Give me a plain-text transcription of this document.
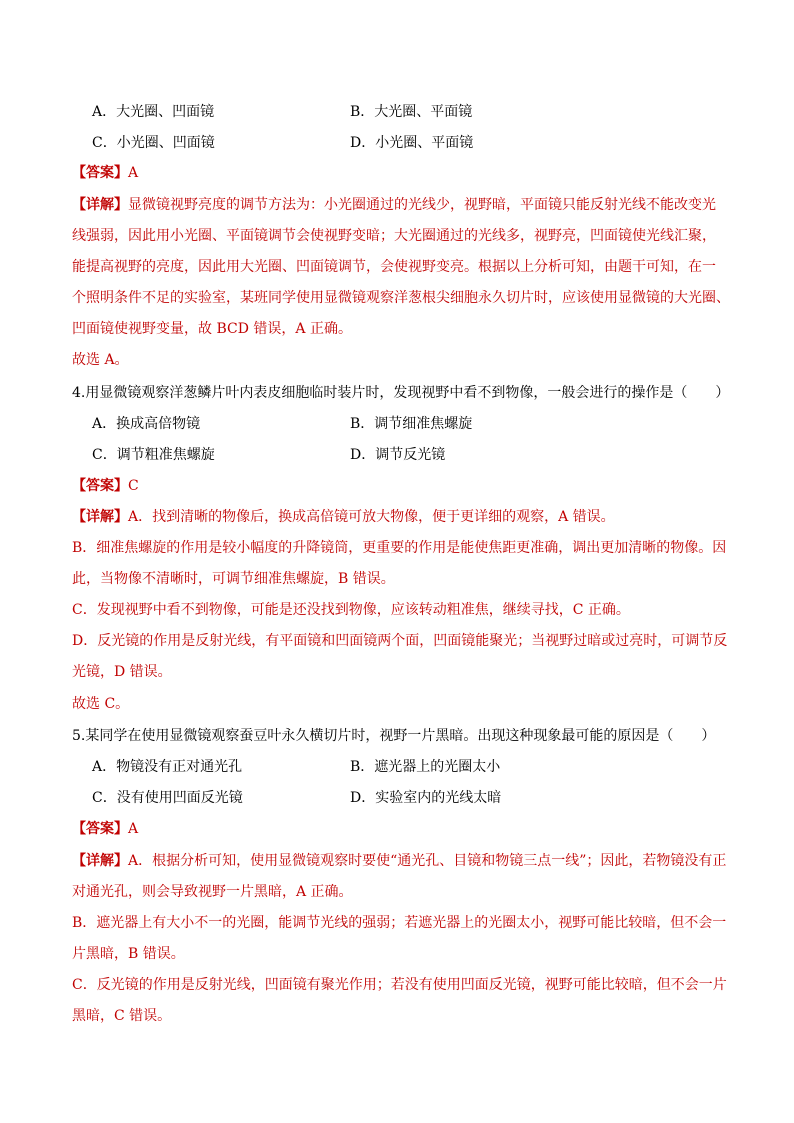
A．大光圈、凹面镜	B．大光圈、平面镜
C．小光圈、凹面镜	D．小光圈、平面镜
【答案】A
【详解】显微镜视野亮度的调节方法为：小光圈通过的光线少，视野暗，平面镜只能反射光线不能改变光
线强弱，因此用小光圈、平面镜调节会使视野变暗；大光圈通过的光线多，视野亮，凹面镜使光线汇聚，
能提高视野的亮度，因此用大光圈、凹面镜调节，会使视野变亮。根据以上分析可知，由题干可知，在一
个照明条件不足的实验室，某班同学使用显微镜观察洋葱根尖细胞永久切片时，应该使用显微镜的大光圈、
凹面镜使视野变量，故 BCD 错误，A 正确。
故选 A。
4.用显微镜观察洋葱鳞片叶内表皮细胞临时装片时，发现视野中看不到物像，一般会进行的操作是（　　）
A．换成高倍物镜	B．调节细准焦螺旋
C．调节粗准焦螺旋	D．调节反光镜
【答案】C
【详解】A．找到清晰的物像后，换成高倍镜可放大物像，便于更详细的观察，A 错误。
B．细准焦螺旋的作用是较小幅度的升降镜筒，更重要的作用是能使焦距更准确，调出更加清晰的物像。因
此，当物像不清晰时，可调节细准焦螺旋，B 错误。
C．发现视野中看不到物像，可能是还没找到物像，应该转动粗准焦，继续寻找，C 正确。
D．反光镜的作用是反射光线，有平面镜和凹面镜两个面，凹面镜能聚光；当视野过暗或过亮时，可调节反
光镜，D 错误。
故选 C。
5.某同学在使用显微镜观察蚕豆叶永久横切片时，视野一片黑暗。出现这种现象最可能的原因是（　　）
A．物镜没有正对通光孔	B．遮光器上的光圈太小
C．没有使用凹面反光镜	D．实验室内的光线太暗
【答案】A
【详解】A．根据分析可知，使用显微镜观察时要使“通光孔、目镜和物镜三点一线”；因此，若物镜没有正
对通光孔，则会导致视野一片黑暗，A 正确。
B．遮光器上有大小不一的光圈，能调节光线的强弱；若遮光器上的光圈太小，视野可能比较暗，但不会一
片黑暗，B 错误。
C．反光镜的作用是反射光线，凹面镜有聚光作用；若没有使用凹面反光镜，视野可能比较暗，但不会一片
黑暗，C 错误。
